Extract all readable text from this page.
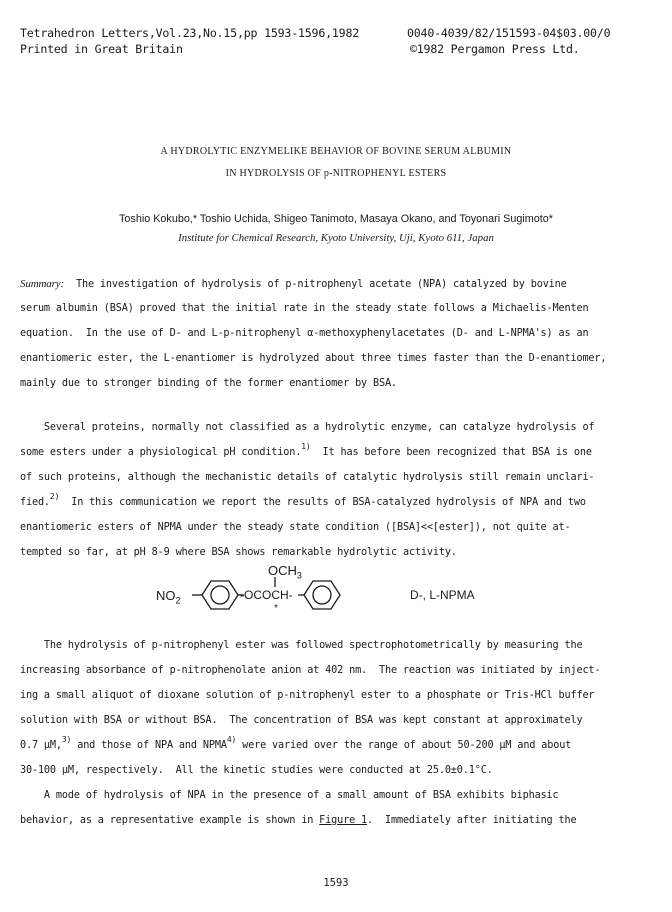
Tetrahedron Letters,Vol.23,No.15,pp 1593-1596,1982	0040-4039/82/151593-04$03.00/0
Printed in Great Britain	©1982 Pergamon Press Ltd.
A HYDROLYTIC ENZYMELIKE BEHAVIOR OF BOVINE SERUM ALBUMIN
IN HYDROLYSIS OF p-NITROPHENYL ESTERS
Toshio Kokubo,* Toshio Uchida, Shigeo Tanimoto, Masaya Okano, and Toyonari Sugimoto*
Institute for Chemical Research, Kyoto University, Uji, Kyoto 611, Japan
Summary: The investigation of hydrolysis of p-nitrophenyl acetate (NPA) catalyzed by bovine
serum albumin (BSA) proved that the initial rate in the steady state follows a Michaelis-Menten
equation.  In the use of D- and L-p-nitrophenyl α-methoxyphenylacetates (D- and L-NPMA's) as an
enantiomeric ester, the L-enantiomer is hydrolyzed about three times faster than the D-enantiomer,
mainly due to stronger binding of the former enantiomer by BSA.
Several proteins, normally not classified as a hydrolytic enzyme, can catalyze hydrolysis of
some esters under a physiological pH condition.$^{1)}$  It has before been recognized that BSA is one
of such proteins, although the mechanistic details of catalytic hydrolysis still remain unclari-
fied.$^{2)}$  In this communication we report the results of BSA-catalyzed hydrolysis of NPA and two
enantiomeric esters of NPMA under the steady state condition ([BSA]<<[ester]), not quite at-
tempted so far, at pH 8-9 where BSA shows remarkable hydrolytic activity.
$NO_2$
$OCH_3$
-OCOCH-
*
D-, L-NPMA
The hydrolysis of p-nitrophenyl ester was followed spectrophotometrically by measuring the
increasing absorbance of p-nitrophenolate anion at 402 nm.  The reaction was initiated by inject-
ing a small aliquot of dioxane solution of p-nitrophenyl ester to a phosphate or Tris-HCl buffer
solution with BSA or without BSA.  The concentration of BSA was kept constant at approximately
0.7 μM,$^{3)}$ and those of NPA and NPMA$^{4)}$ were varied over the range of about 50-200 μM and about
30-100 μM, respectively.  All the kinetic studies were conducted at 25.0±0.1°C.
A mode of hydrolysis of NPA in the presence of a small amount of BSA exhibits biphasic
behavior, as a representative example is shown in Figure 1.  Immediately after initiating the
1593
